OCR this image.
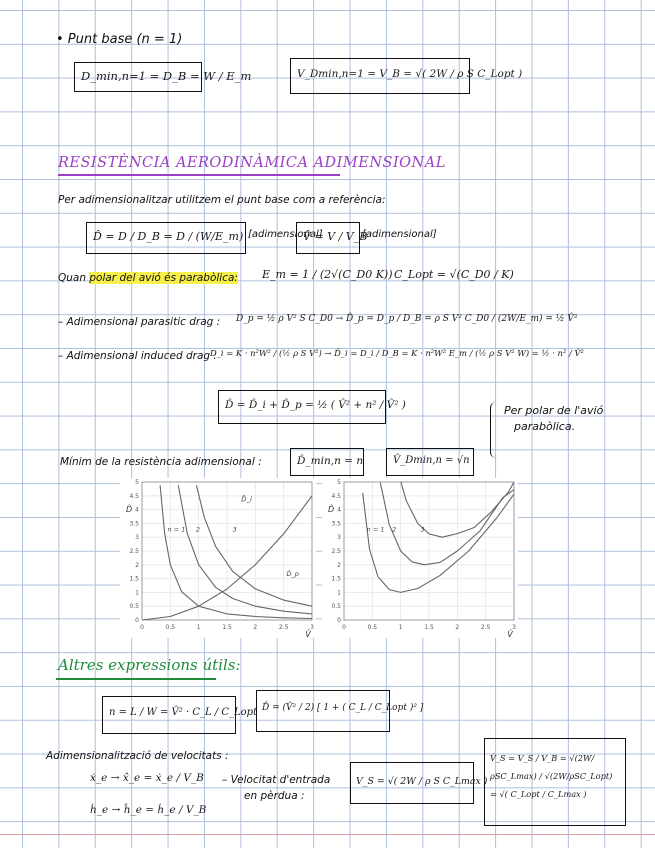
• Punt base (n = 1)
D_min,n=1 = D_B = W / E_m	V_Dmin,n=1 = V_B = √( 2W / ρ S C_Lopt )
RESISTÈNCIA AERODINÀMICA ADIMENSIONAL
Per adimensionalitzar utilitzem el punt base com a referència:
D̂ = D / D_B = D / (W/E_m) [adimensional]
V̂ = V / V_B
[adimensional]
Quan polar del avió és parabòlica: E_m = 1 / (2√(C_D0 K)) C_Lopt = √(C_D0 / K)
– Adimensional parasitic drag : D_p = ½ ρ V² S C_D0 → D̂_p = D_p / D_B = ρ S V² C_D0 / (2W/E_m) = ½ V̂²
– Adimensional induced drag :
D_i = K · n²W² / (½ ρ S V²) → D̂_i = D_i / D_B = K · n²W² E_m / (½ ρ S V² W) = ½ · n² / V̂²
D̂ = D̂_i + D̂_p = ½ ( V̂² + n² / V̂² )	Per polar de l'avió
parabòlica.
Mínim de la resistència adimensional :	D̂_min,n = n	V̂_Dmin,n = √n
0	0.5	1	1.5	2	2.5	3
0
0.5
1
1.5
2
2.5
3
3.5
4
4.5
5
V̂
D̂
n = 1 2	3
D̂_p
D̂_i
0	0.5	1	1.5	2	2.5	3
0
0.5
1
1.5
2
2.5
3
3.5
4
4.5
5
V̂
D̂
n = 1 2	3
Altres expressions útils:
n = L / W = V̂² · C_L / C_Lopt D̂ = (V̂² / 2) [ 1 + ( C_L / C_Lopt )² ]
Adimensionalització de velocitats :
ẋ_e → x̂_e = ẋ_e / V_B
ḣ_e → ĥ_e = ḣ_e / V_B
– Velocitat d'entrada
en pèrdua :
V_S = √( 2W / ρ S C_Lmax )
V̂_S = V_S / V_B = √(2W/ρSC_Lmax) / √(2W/ρSC_Lopt) = √( C_Lopt / C_Lmax )
